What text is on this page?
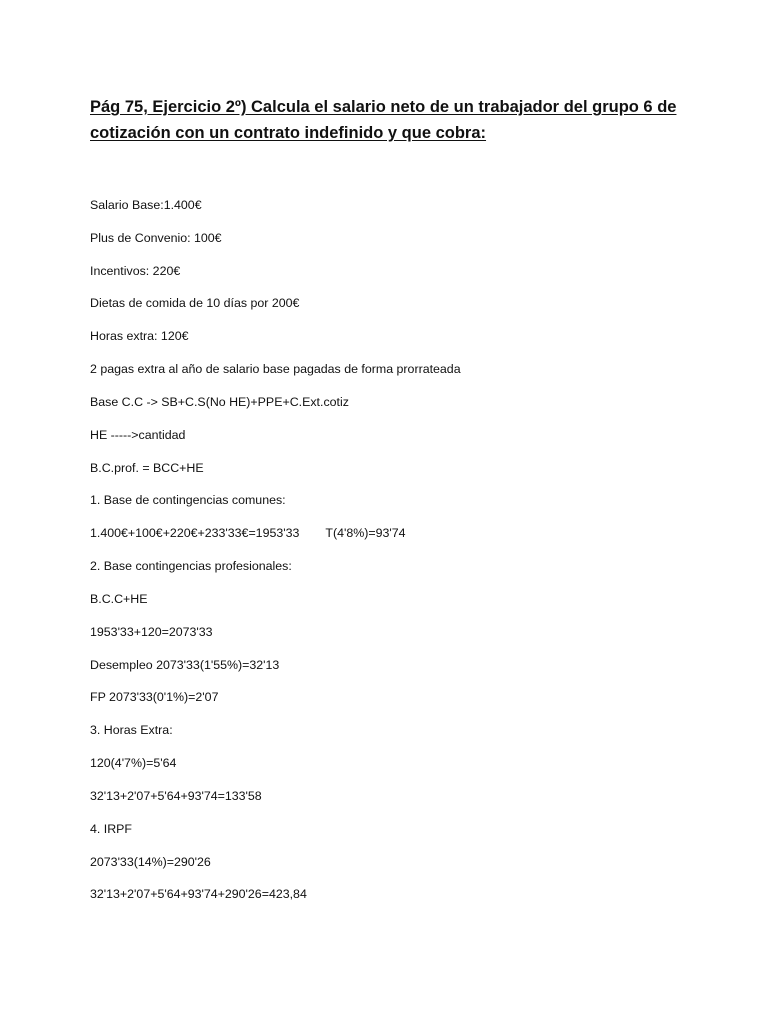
Pág 75, Ejercicio 2º) Calcula el salario neto de un trabajador del grupo 6 de
cotización con un contrato indefinido y que cobra:

Salario Base:1.400€

Plus de Convenio: 100€

Incentivos: 220€

Dietas de comida de 10 días por 200€

Horas extra: 120€

2 pagas extra al año de salario base pagadas de forma prorrateada

Base C.C -> SB+C.S(No HE)+PPE+C.Ext.cotiz

HE ----->cantidad

B.C.prof. = BCC+HE

1. Base de contingencias comunes:

1.400€+100€+220€+233'33€=1953'33 T(4'8%)=93'74

2. Base contingencias profesionales:

B.C.C+HE

1953'33+120=2073'33

Desempleo 2073'33(1'55%)=32'13

FP 2073'33(0'1%)=2'07

3. Horas Extra:

120(4'7%)=5'64

32'13+2'07+5'64+93'74=133'58

4. IRPF

2073'33(14%)=290'26

32'13+2'07+5'64+93'74+290'26=423,84
